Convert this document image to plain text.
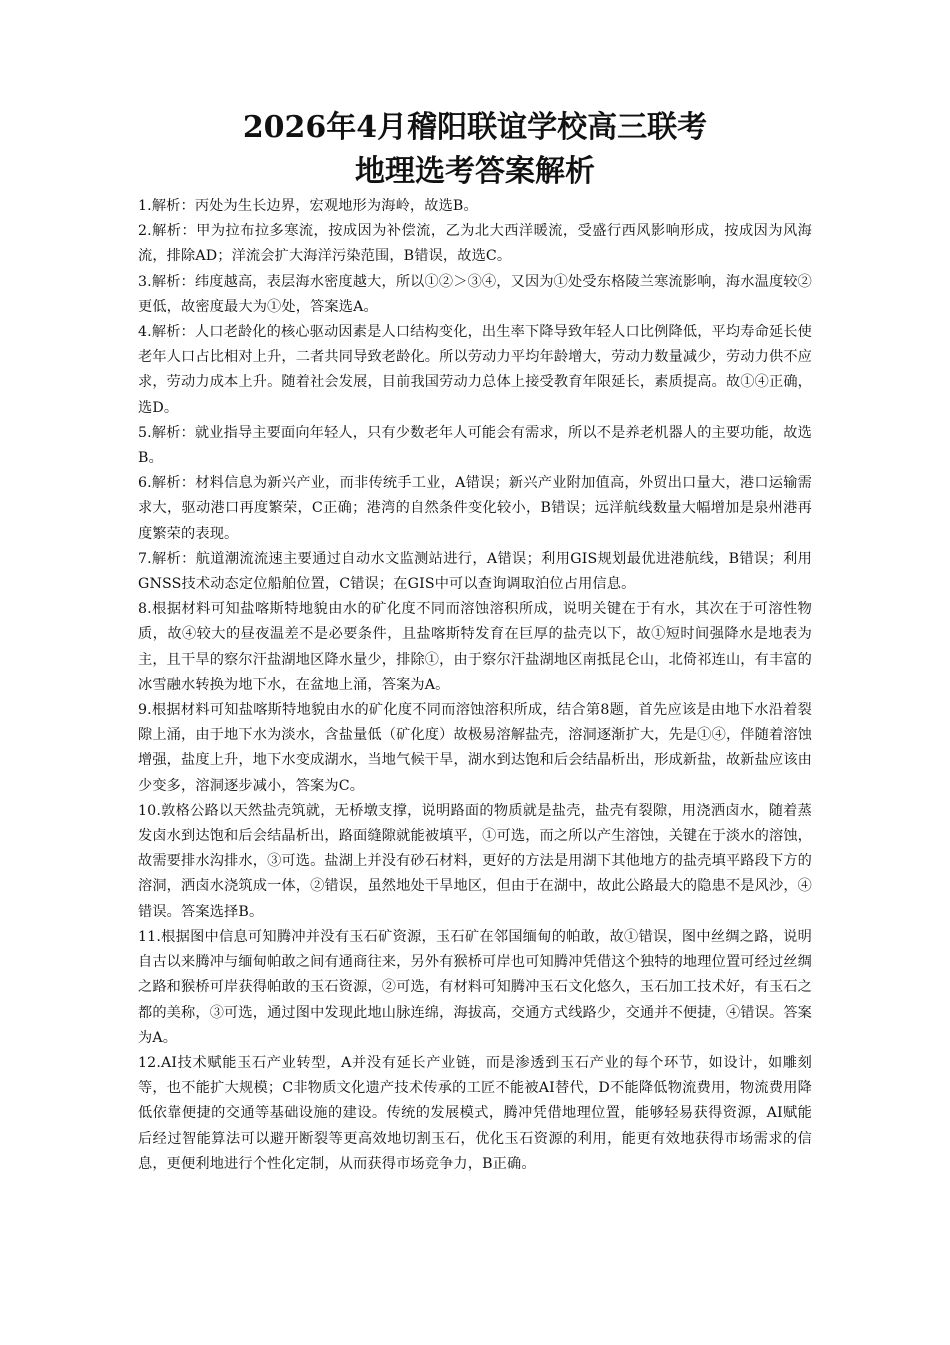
2026年4月稽阳联谊学校高三联考
地理选考答案解析

1.解析：丙处为生长边界，宏观地形为海岭，故选B。

2.解析：甲为拉布拉多寒流，按成因为补偿流，乙为北大西洋暖流，受盛行西风影响形成，按成因为风海流，排除AD；洋流会扩大海洋污染范围，B错误，故选C。

3.解析：纬度越高，表层海水密度越大，所以①②＞③④，又因为①处受东格陵兰寒流影响，海水温度较②更低，故密度最大为①处，答案选A。

4.解析：人口老龄化的核心驱动因素是人口结构变化，出生率下降导致年轻人口比例降低，平均寿命延长使老年人口占比相对上升，二者共同导致老龄化。所以劳动力平均年龄增大，劳动力数量减少，劳动力供不应求，劳动力成本上升。随着社会发展，目前我国劳动力总体上接受教育年限延长，素质提高。故①④正确，选D。

5.解析：就业指导主要面向年轻人，只有少数老年人可能会有需求，所以不是养老机器人的主要功能，故选B。

6.解析：材料信息为新兴产业，而非传统手工业，A错误；新兴产业附加值高，外贸出口量大，港口运输需求大，驱动港口再度繁荣，C正确；港湾的自然条件变化较小，B错误；远洋航线数量大幅增加是泉州港再度繁荣的表现。

7.解析：航道潮流流速主要通过自动水文监测站进行，A错误；利用GIS规划最优进港航线，B错误；利用GNSS技术动态定位船舶位置，C错误；在GIS中可以查询调取泊位占用信息。

8.根据材料可知盐喀斯特地貌由水的矿化度不同而溶蚀溶积所成，说明关键在于有水，其次在于可溶性物质，故④较大的昼夜温差不是必要条件，且盐喀斯特发育在巨厚的盐壳以下，故①短时间强降水是地表为主，且干旱的察尔汗盐湖地区降水量少，排除①，由于察尔汗盐湖地区南抵昆仑山，北倚祁连山，有丰富的冰雪融水转换为地下水，在盆地上涌，答案为A。

9.根据材料可知盐喀斯特地貌由水的矿化度不同而溶蚀溶积所成，结合第8题，首先应该是由地下水沿着裂隙上涌，由于地下水为淡水，含盐量低（矿化度）故极易溶解盐壳，溶洞逐渐扩大，先是①④，伴随着溶蚀增强，盐度上升，地下水变成湖水，当地气候干旱，湖水到达饱和后会结晶析出，形成新盐，故新盐应该由少变多，溶洞逐步减小，答案为C。

10.敦格公路以天然盐壳筑就，无桥墩支撑，说明路面的物质就是盐壳，盐壳有裂隙，用浇洒卤水，随着蒸发卤水到达饱和后会结晶析出，路面缝隙就能被填平，①可选，而之所以产生溶蚀，关键在于淡水的溶蚀，故需要排水沟排水，③可选。盐湖上并没有砂石材料，更好的方法是用湖下其他地方的盐壳填平路段下方的溶洞，洒卤水浇筑成一体，②错误，虽然地处干旱地区，但由于在湖中，故此公路最大的隐患不是风沙，④错误。答案选择B。

11.根据图中信息可知腾冲并没有玉石矿资源，玉石矿在邻国缅甸的帕敢，故①错误，图中丝绸之路，说明自古以来腾冲与缅甸帕敢之间有通商往来，另外有猴桥可岸也可知腾冲凭借这个独特的地理位置可经过丝绸之路和猴桥可岸获得帕敢的玉石资源，②可选，有材料可知腾冲玉石文化悠久，玉石加工技术好，有玉石之都的美称，③可选，通过图中发现此地山脉连绵，海拔高，交通方式线路少，交通并不便捷，④错误。答案为A。

12.AI技术赋能玉石产业转型，A并没有延长产业链，而是渗透到玉石产业的每个环节，如设计，如雕刻等，也不能扩大规模；C非物质文化遗产技术传承的工匠不能被AI替代，D不能降低物流费用，物流费用降低依靠便捷的交通等基础设施的建设。传统的发展模式，腾冲凭借地理位置，能够轻易获得资源，AI赋能后经过智能算法可以避开断裂等更高效地切割玉石，优化玉石资源的利用，能更有效地获得市场需求的信息，更便利地进行个性化定制，从而获得市场竞争力，B正确。
